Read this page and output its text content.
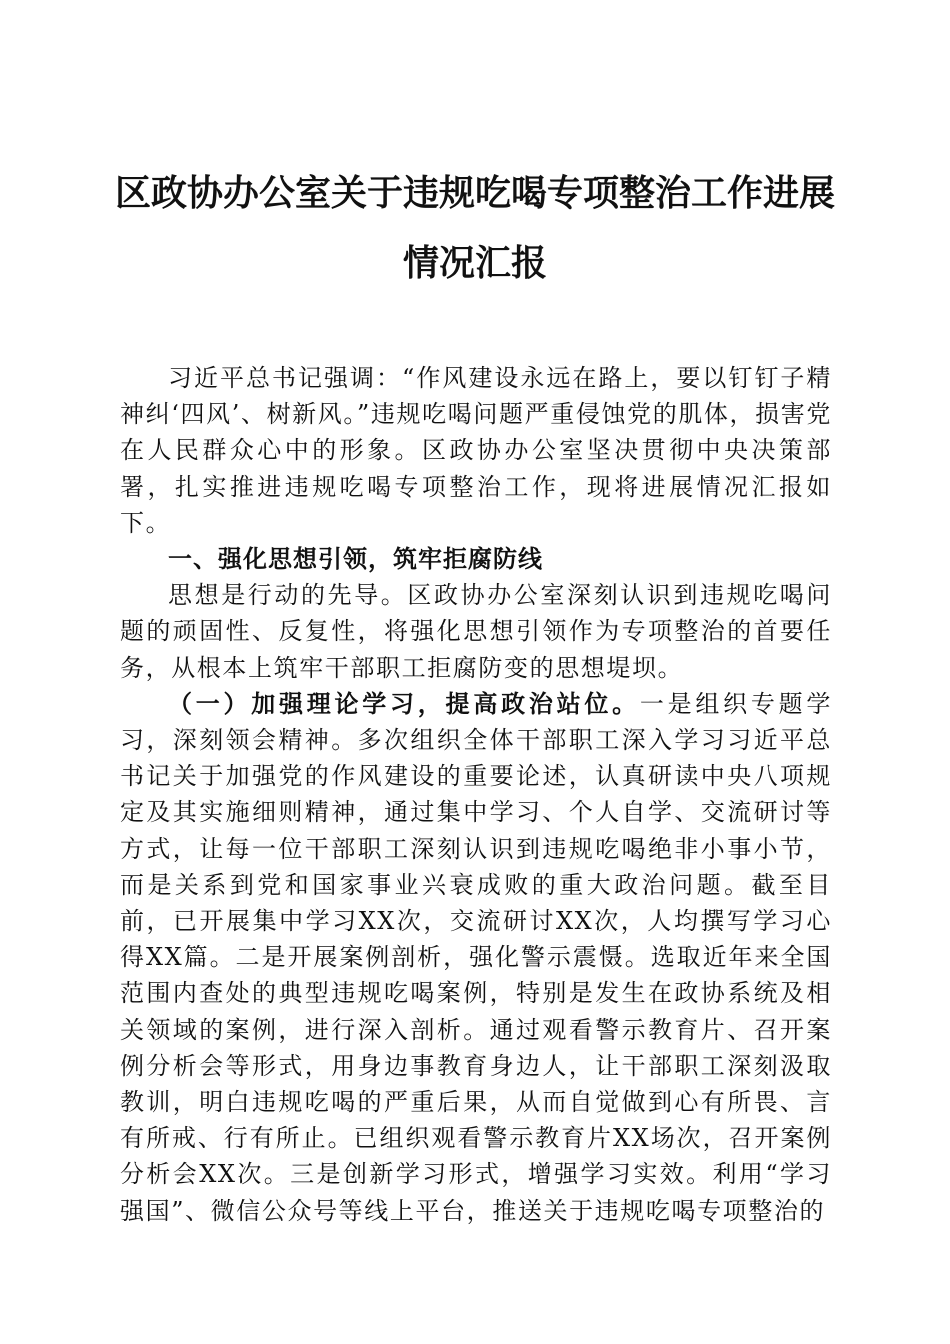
区政协办公室关于违规吃喝专项整治工作进展
情况汇报

习近平总书记强调：“作风建设永远在路上，要以钉钉子精神纠‘四风’、树新风。”违规吃喝问题严重侵蚀党的肌体，损害党在人民群众心中的形象。区政协办公室坚决贯彻中央决策部署，扎实推进违规吃喝专项整治工作，现将进展情况汇报如下。

一、强化思想引领，筑牢拒腐防线

思想是行动的先导。区政协办公室深刻认识到违规吃喝问题的顽固性、反复性，将强化思想引领作为专项整治的首要任务，从根本上筑牢干部职工拒腐防变的思想堤坝。

（一）加强理论学习，提高政治站位。一是组织专题学习，深刻领会精神。多次组织全体干部职工深入学习习近平总书记关于加强党的作风建设的重要论述，认真研读中央八项规定及其实施细则精神，通过集中学习、个人自学、交流研讨等方式，让每一位干部职工深刻认识到违规吃喝绝非小事小节，而是关系到党和国家事业兴衰成败的重大政治问题。截至目前，已开展集中学习XX次，交流研讨XX次，人均撰写学习心得XX篇。二是开展案例剖析，强化警示震慑。选取近年来全国范围内查处的典型违规吃喝案例，特别是发生在政协系统及相关领域的案例，进行深入剖析。通过观看警示教育片、召开案例分析会等形式，用身边事教育身边人，让干部职工深刻汲取教训，明白违规吃喝的严重后果，从而自觉做到心有所畏、言有所戒、行有所止。已组织观看警示教育片XX场次，召开案例分析会XX次。三是创新学习形式，增强学习实效。利用“学习强国”、微信公众号等线上平台，推送关于违规吃喝专项整治的
